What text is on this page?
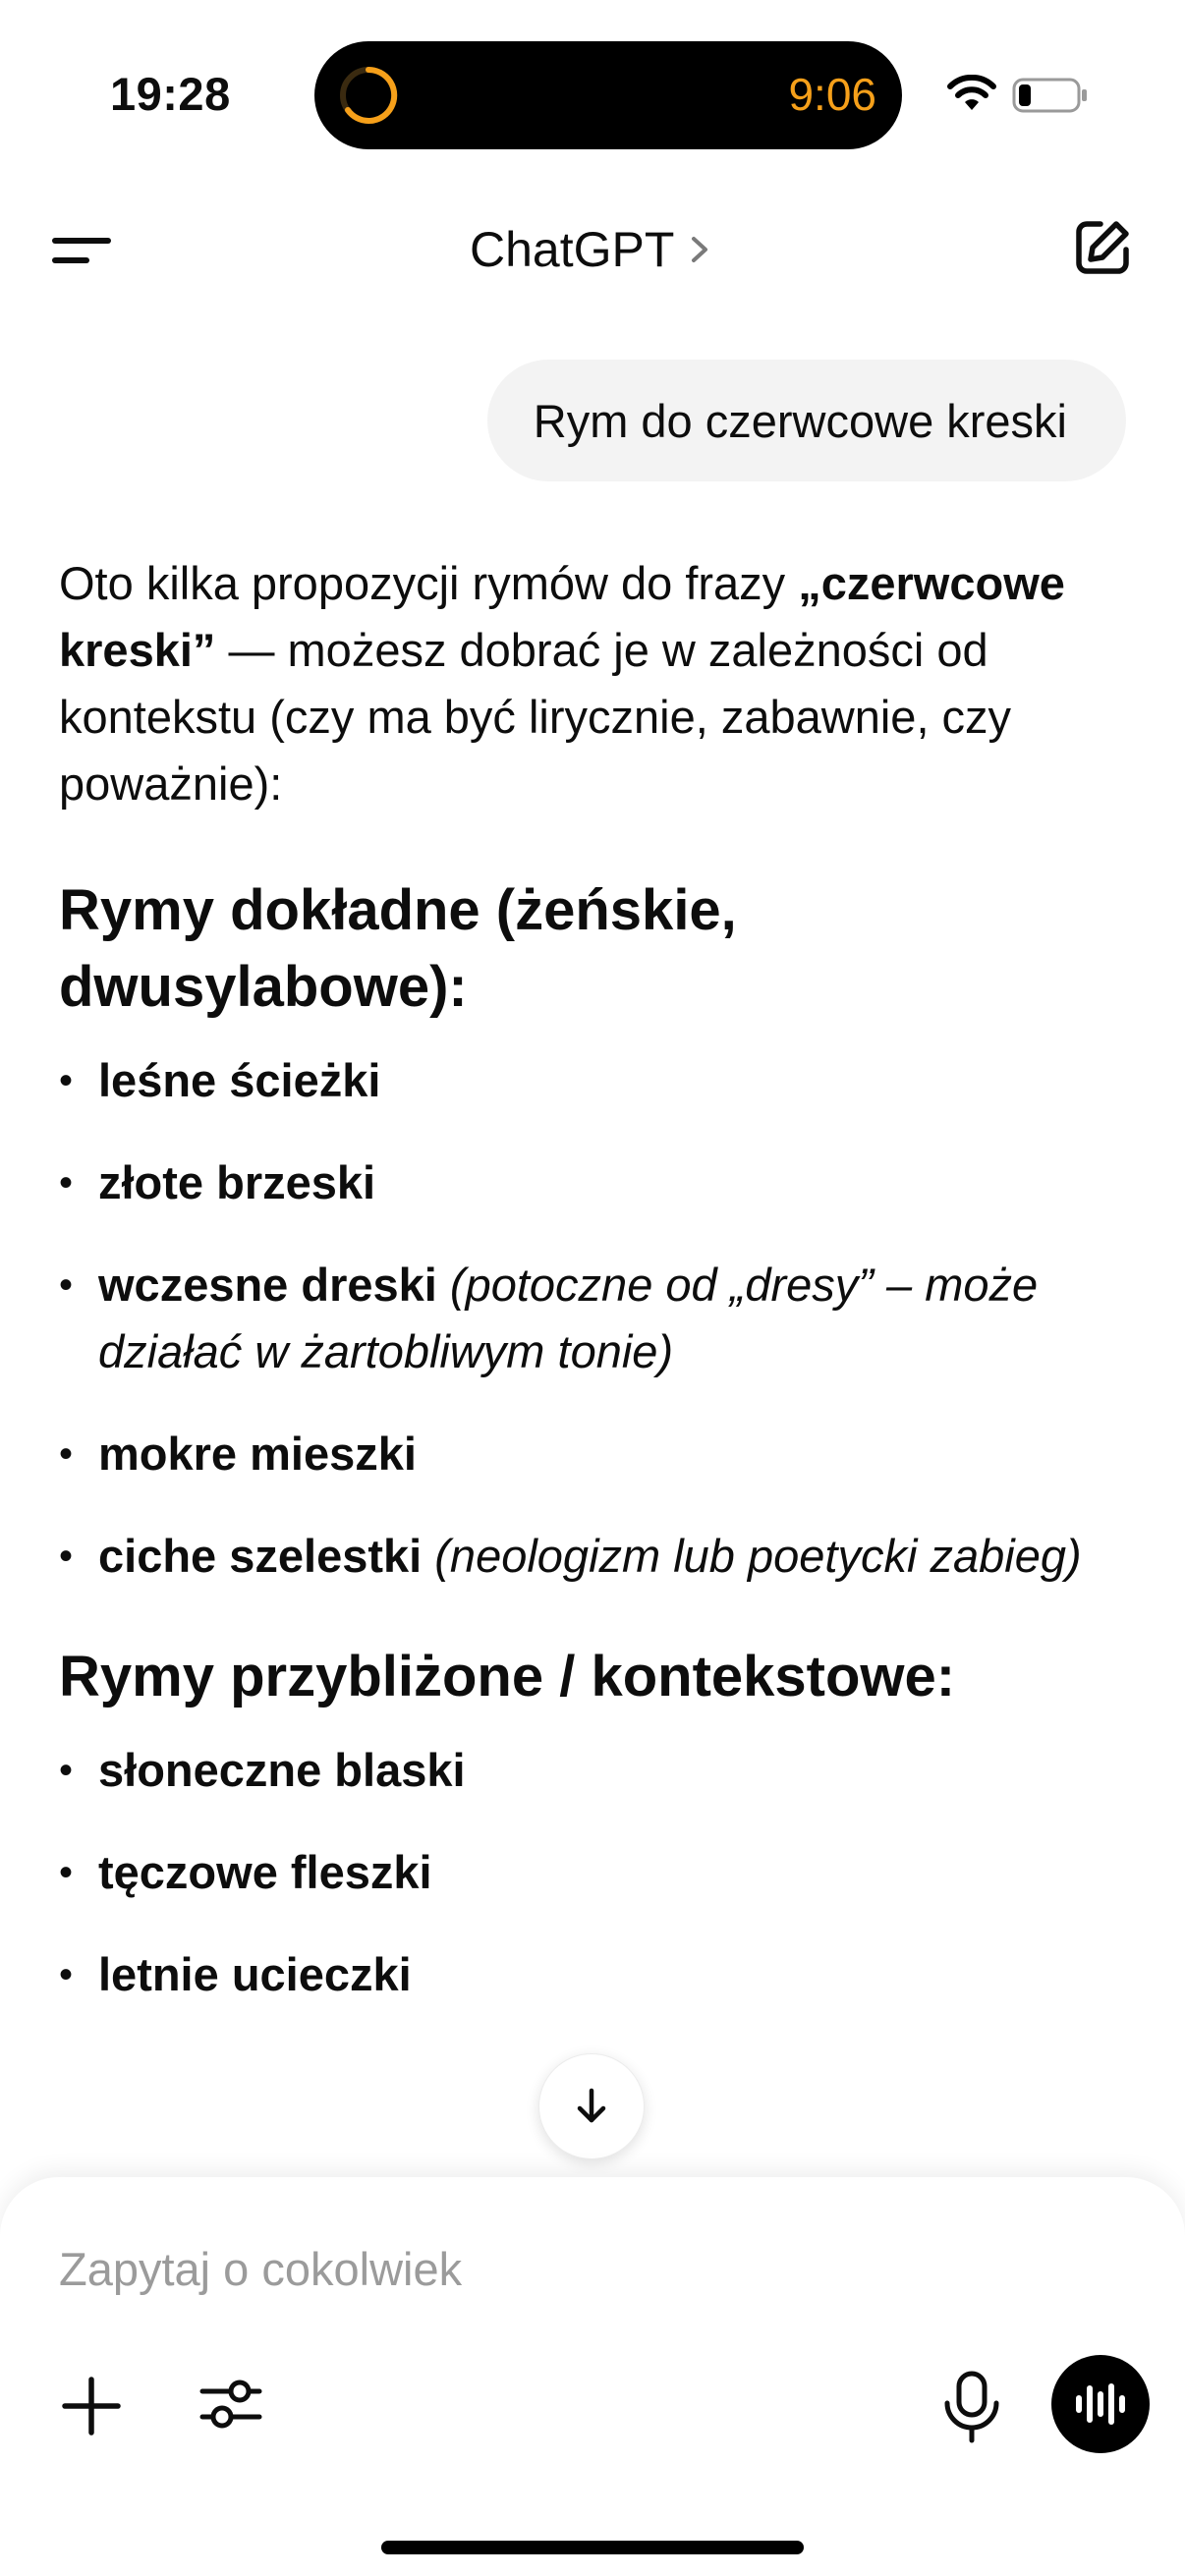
19:28	9:06
ChatGPT
Rym do czerwcowe kreski

Oto kilka propozycji rymów do frazy „czerwcowe kreski” — możesz dobrać je w zależności od kontekstu (czy ma być lirycznie, zabawnie, czy poważnie):

Rymy dokładne (żeńskie, dwusylabowe):
• leśne ścieżki
• złote brzeski
• wczesne dreski (potoczne od „dresy” – może działać w żartobliwym tonie)
• mokre mieszki
• ciche szelestki (neologizm lub poetycki zabieg)
Rymy przybliżone / kontekstowe:
• słoneczne blaski
• tęczowe fleszki
• letnie ucieczki
Zapytaj o cokolwiek
